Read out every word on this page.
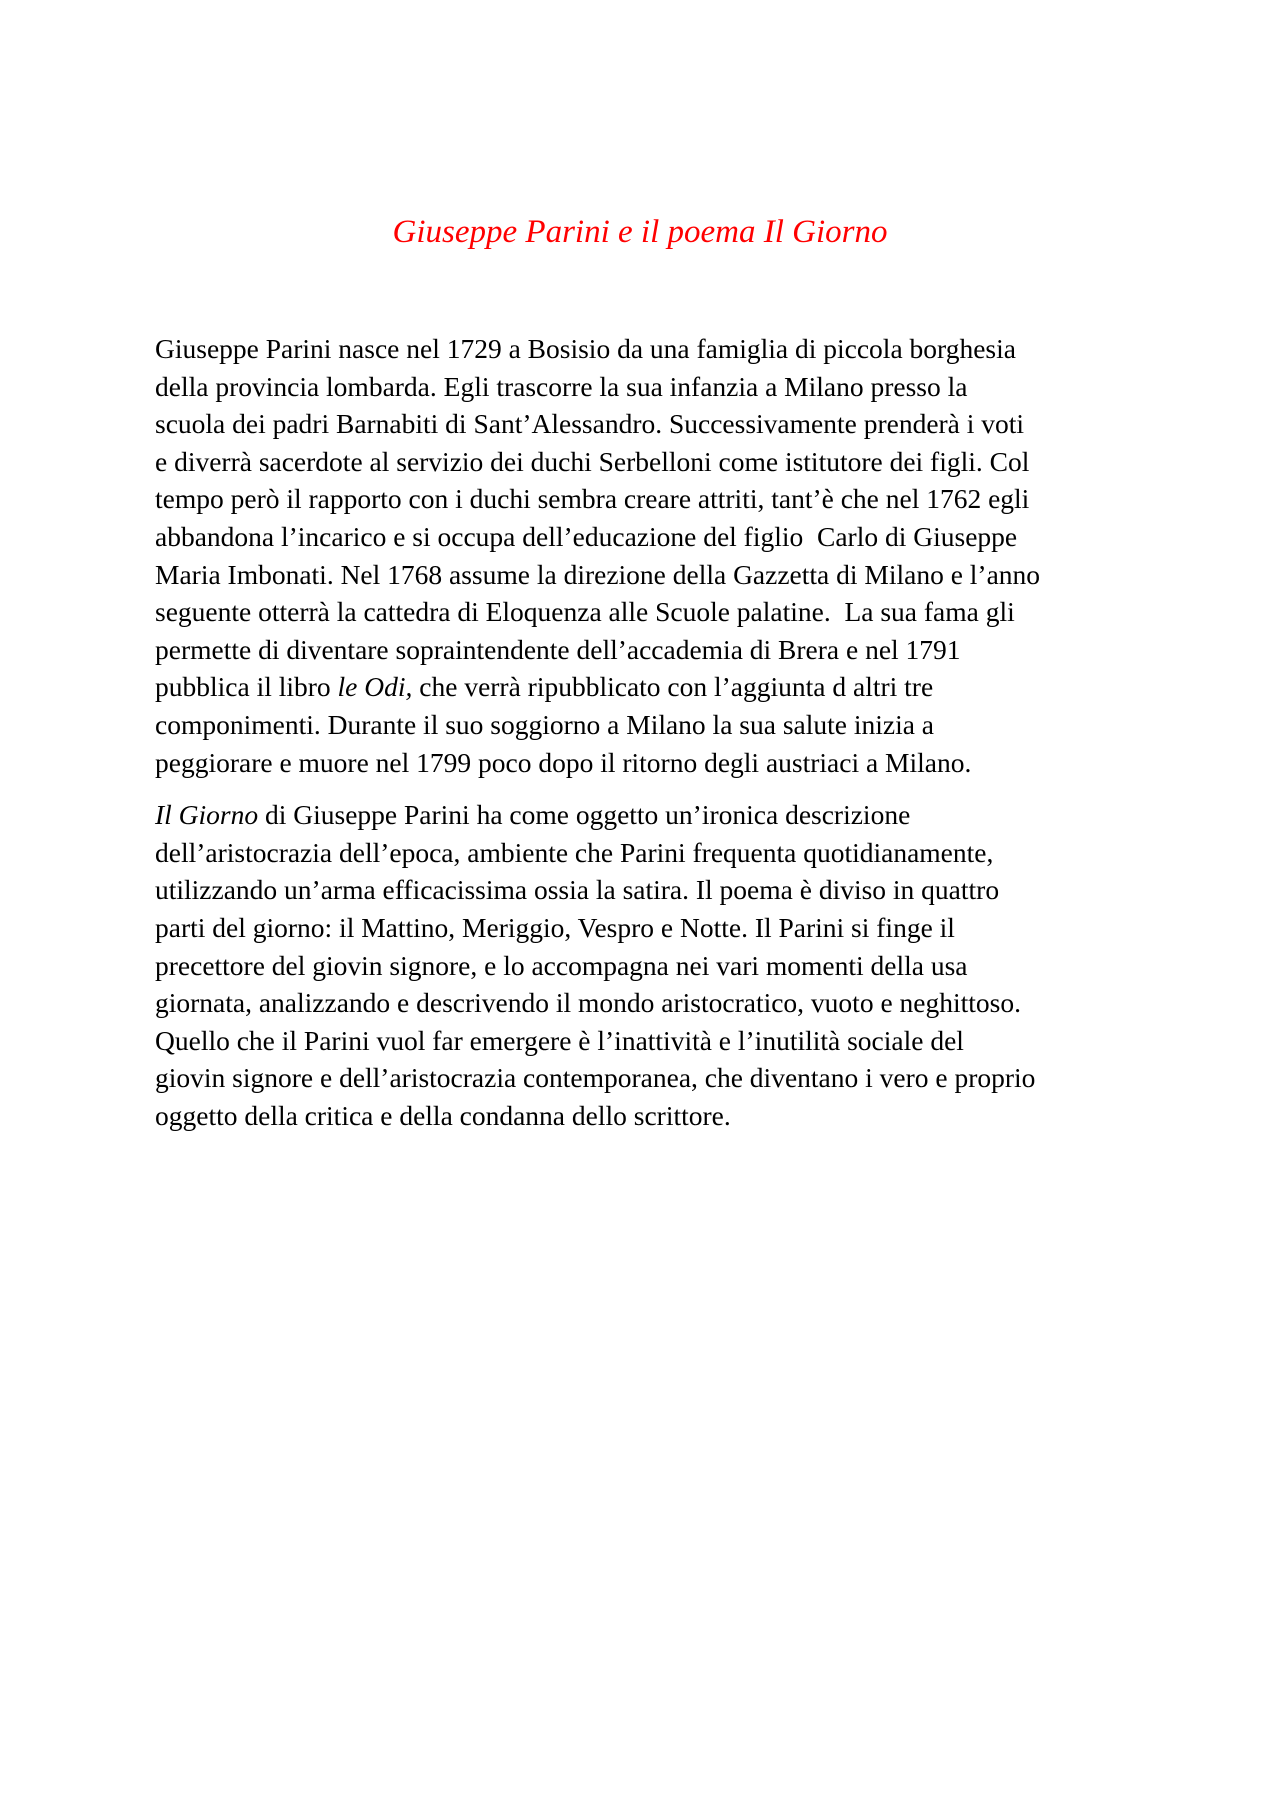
Giuseppe Parini e il poema Il Giorno

Giuseppe Parini nasce nel 1729 a Bosisio da una famiglia di piccola borghesia
della provincia lombarda. Egli trascorre la sua infanzia a Milano presso la
scuola dei padri Barnabiti di Sant’Alessandro. Successivamente prenderà i voti
e diverrà sacerdote al servizio dei duchi Serbelloni come istitutore dei figli. Col
tempo però il rapporto con i duchi sembra creare attriti, tant’è che nel 1762 egli
abbandona l’incarico e si occupa dell’educazione del figlio  Carlo di Giuseppe
Maria Imbonati. Nel 1768 assume la direzione della Gazzetta di Milano e l’anno
seguente otterrà la cattedra di Eloquenza alle Scuole palatine.  La sua fama gli
permette di diventare sopraintendente dell’accademia di Brera e nel 1791
pubblica il libro le Odi, che verrà ripubblicato con l’aggiunta d altri tre
componimenti. Durante il suo soggiorno a Milano la sua salute inizia a
peggiorare e muore nel 1799 poco dopo il ritorno degli austriaci a Milano.

Il Giorno di Giuseppe Parini ha come oggetto un’ironica descrizione
dell’aristocrazia dell’epoca, ambiente che Parini frequenta quotidianamente,
utilizzando un’arma efficacissima ossia la satira. Il poema è diviso in quattro
parti del giorno: il Mattino, Meriggio, Vespro e Notte. Il Parini si finge il
precettore del giovin signore, e lo accompagna nei vari momenti della usa
giornata, analizzando e descrivendo il mondo aristocratico, vuoto e neghittoso.
Quello che il Parini vuol far emergere è l’inattività e l’inutilità sociale del
giovin signore e dell’aristocrazia contemporanea, che diventano i vero e proprio
oggetto della critica e della condanna dello scrittore.
